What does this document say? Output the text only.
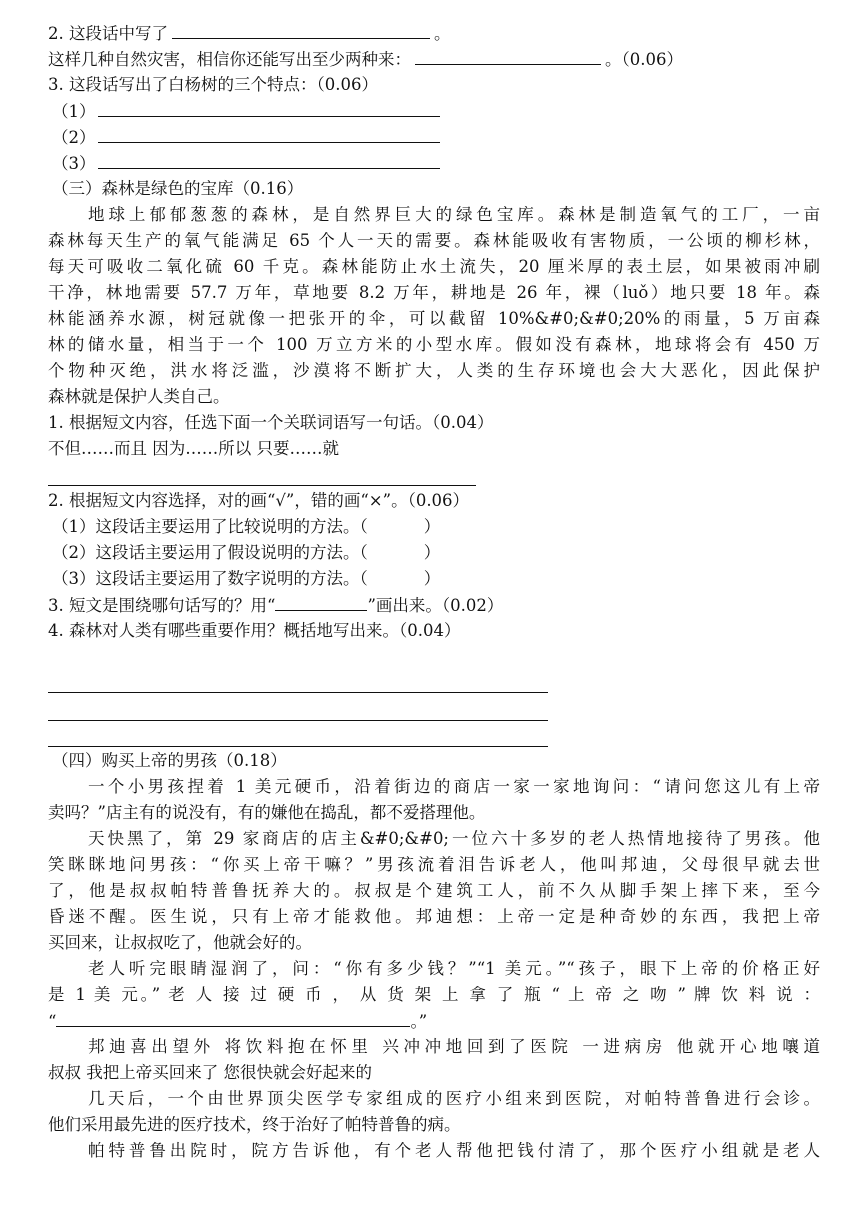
2. 这段话中写了	。
这样几种自然灾害，相信你还能写出至少两种来：	。（0.06）
3. 这段话写出了白杨树的三个特点：（0.06）
（1）
（2）
（3）
（三）森林是绿色的宝库（0.16）
地球上郁郁葱葱的森林，是自然界巨大的绿色宝库。森林是制造氧气的工厂，一亩
森林每天生产的氧气能满足 65 个人一天的需要。森林能吸收有害物质，一公顷的柳杉林，
每天可吸收二氧化硫 60 千克。森林能防止水土流失，20 厘米厚的表土层，如果被雨冲刷
干净，林地需要 57.7 万年，草地要 8.2 万年，耕地是 26 年，裸（luǒ）地只要 18 年。森
林能涵养水源，树冠就像一把张开的伞，可以截留 10%&#0;&#0;20%的雨量，5 万亩森
林的储水量，相当于一个 100 万立方米的小型水库。假如没有森林，地球将会有 450 万
个物种灭绝，洪水将泛滥，沙漠将不断扩大，人类的生存环境也会大大恶化，因此保护
森林就是保护人类自己。
1. 根据短文内容，任选下面一个关联词语写一句话。（0.04）
不但……而且 因为……所以 只要……就
2. 根据短文内容选择，对的画“√”，错的画“×”。（0.06）
（1）这段话主要运用了比较说明的方法。（	）
（2）这段话主要运用了假设说明的方法。（	）
（3）这段话主要运用了数字说明的方法。（	）
3. 短文是围绕哪句话写的？用“	”画出来。（0.02）
4. 森林对人类有哪些重要作用？概括地写出来。（0.04）
（四）购买上帝的男孩（0.18）
一个小男孩捏着 1 美元硬币，沿着街边的商店一家一家地询问：“请问您这儿有上帝
卖吗？”店主有的说没有，有的嫌他在捣乱，都不爱搭理他。
天快黑了，第 29 家商店的店主&#0;&#0;一位六十多岁的老人热情地接待了男孩。他
笑眯眯地问男孩：“你买上帝干嘛？”男孩流着泪告诉老人，他叫邦迪，父母很早就去世
了，他是叔叔帕特普鲁抚养大的。叔叔是个建筑工人，前不久从脚手架上摔下来，至今
昏迷不醒。医生说，只有上帝才能救他。邦迪想：上帝一定是种奇妙的东西，我把上帝
买回来，让叔叔吃了，他就会好的。
老人听完眼睛湿润了，问：“你有多少钱？”“1 美元。”“孩子，眼下上帝的价格正好
是 1 美 元。” 老 人 接 过 硬 币 ， 从 货 架 上 拿 了 瓶 “ 上 帝 之 吻 ” 牌 饮 料 说 ：
“	。”
邦迪喜出望外 将饮料抱在怀里 兴冲冲地回到了医院 一进病房 他就开心地嚷道
叔叔 我把上帝买回来了 您很快就会好起来的
几天后，一个由世界顶尖医学专家组成的医疗小组来到医院，对帕特普鲁进行会诊。
他们采用最先进的医疗技术，终于治好了帕特普鲁的病。
帕特普鲁出院时，院方告诉他，有个老人帮他把钱付清了，那个医疗小组就是老人
